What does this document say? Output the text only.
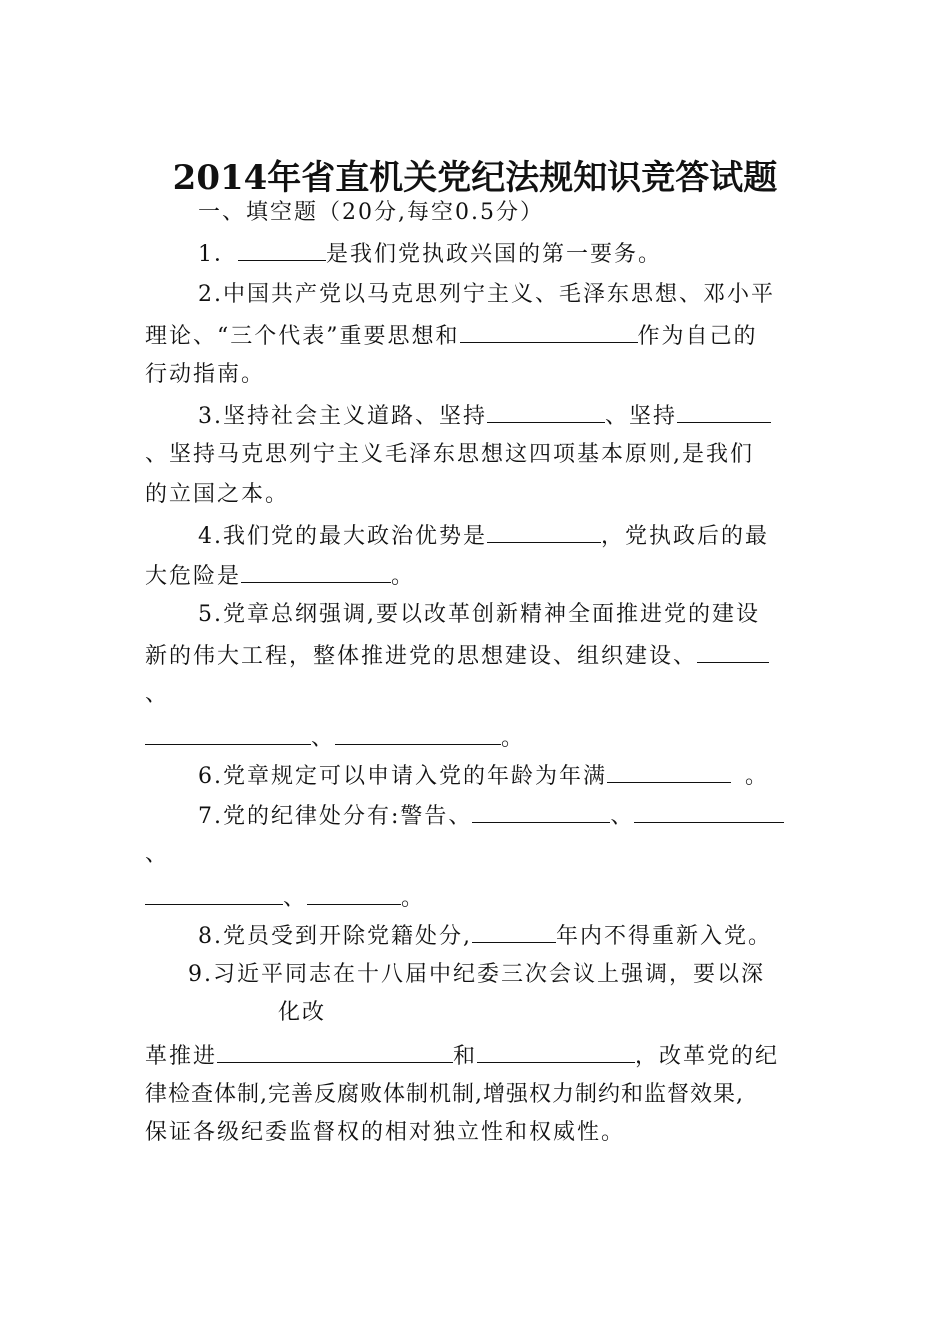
2014年省直机关党纪法规知识竞答试题
一、填空题（20分,每空0.5分）
1．	是我们党执政兴国的第一要务。
2.中国共产党以马克思列宁主义、毛泽东思想、邓小平
理论、“三个代表”重要思想和	作为自己的
行动指南。
3.坚持社会主义道路、坚持	、坚持
、坚持马克思列宁主义毛泽东思想这四项基本原则,是我们
的立国之本。
4.我们党的最大政治优势是	，党执政后的最
大危险是	。
5.党章总纲强调,要以改革创新精神全面推进党的建设
新的伟大工程，整体推进党的思想建设、组织建设、
、
、	。
6.党章规定可以申请入党的年龄为年满	。
7.党的纪律处分有:警告、	、
、
、	。
8.党员受到开除党籍处分,	年内不得重新入党。
9.习近平同志在十八届中纪委三次会议上强调，要以深
化改
革推进	和	，改革党的纪
律检查体制,完善反腐败体制机制,增强权力制约和监督效果,
保证各级纪委监督权的相对独立性和权威性。
